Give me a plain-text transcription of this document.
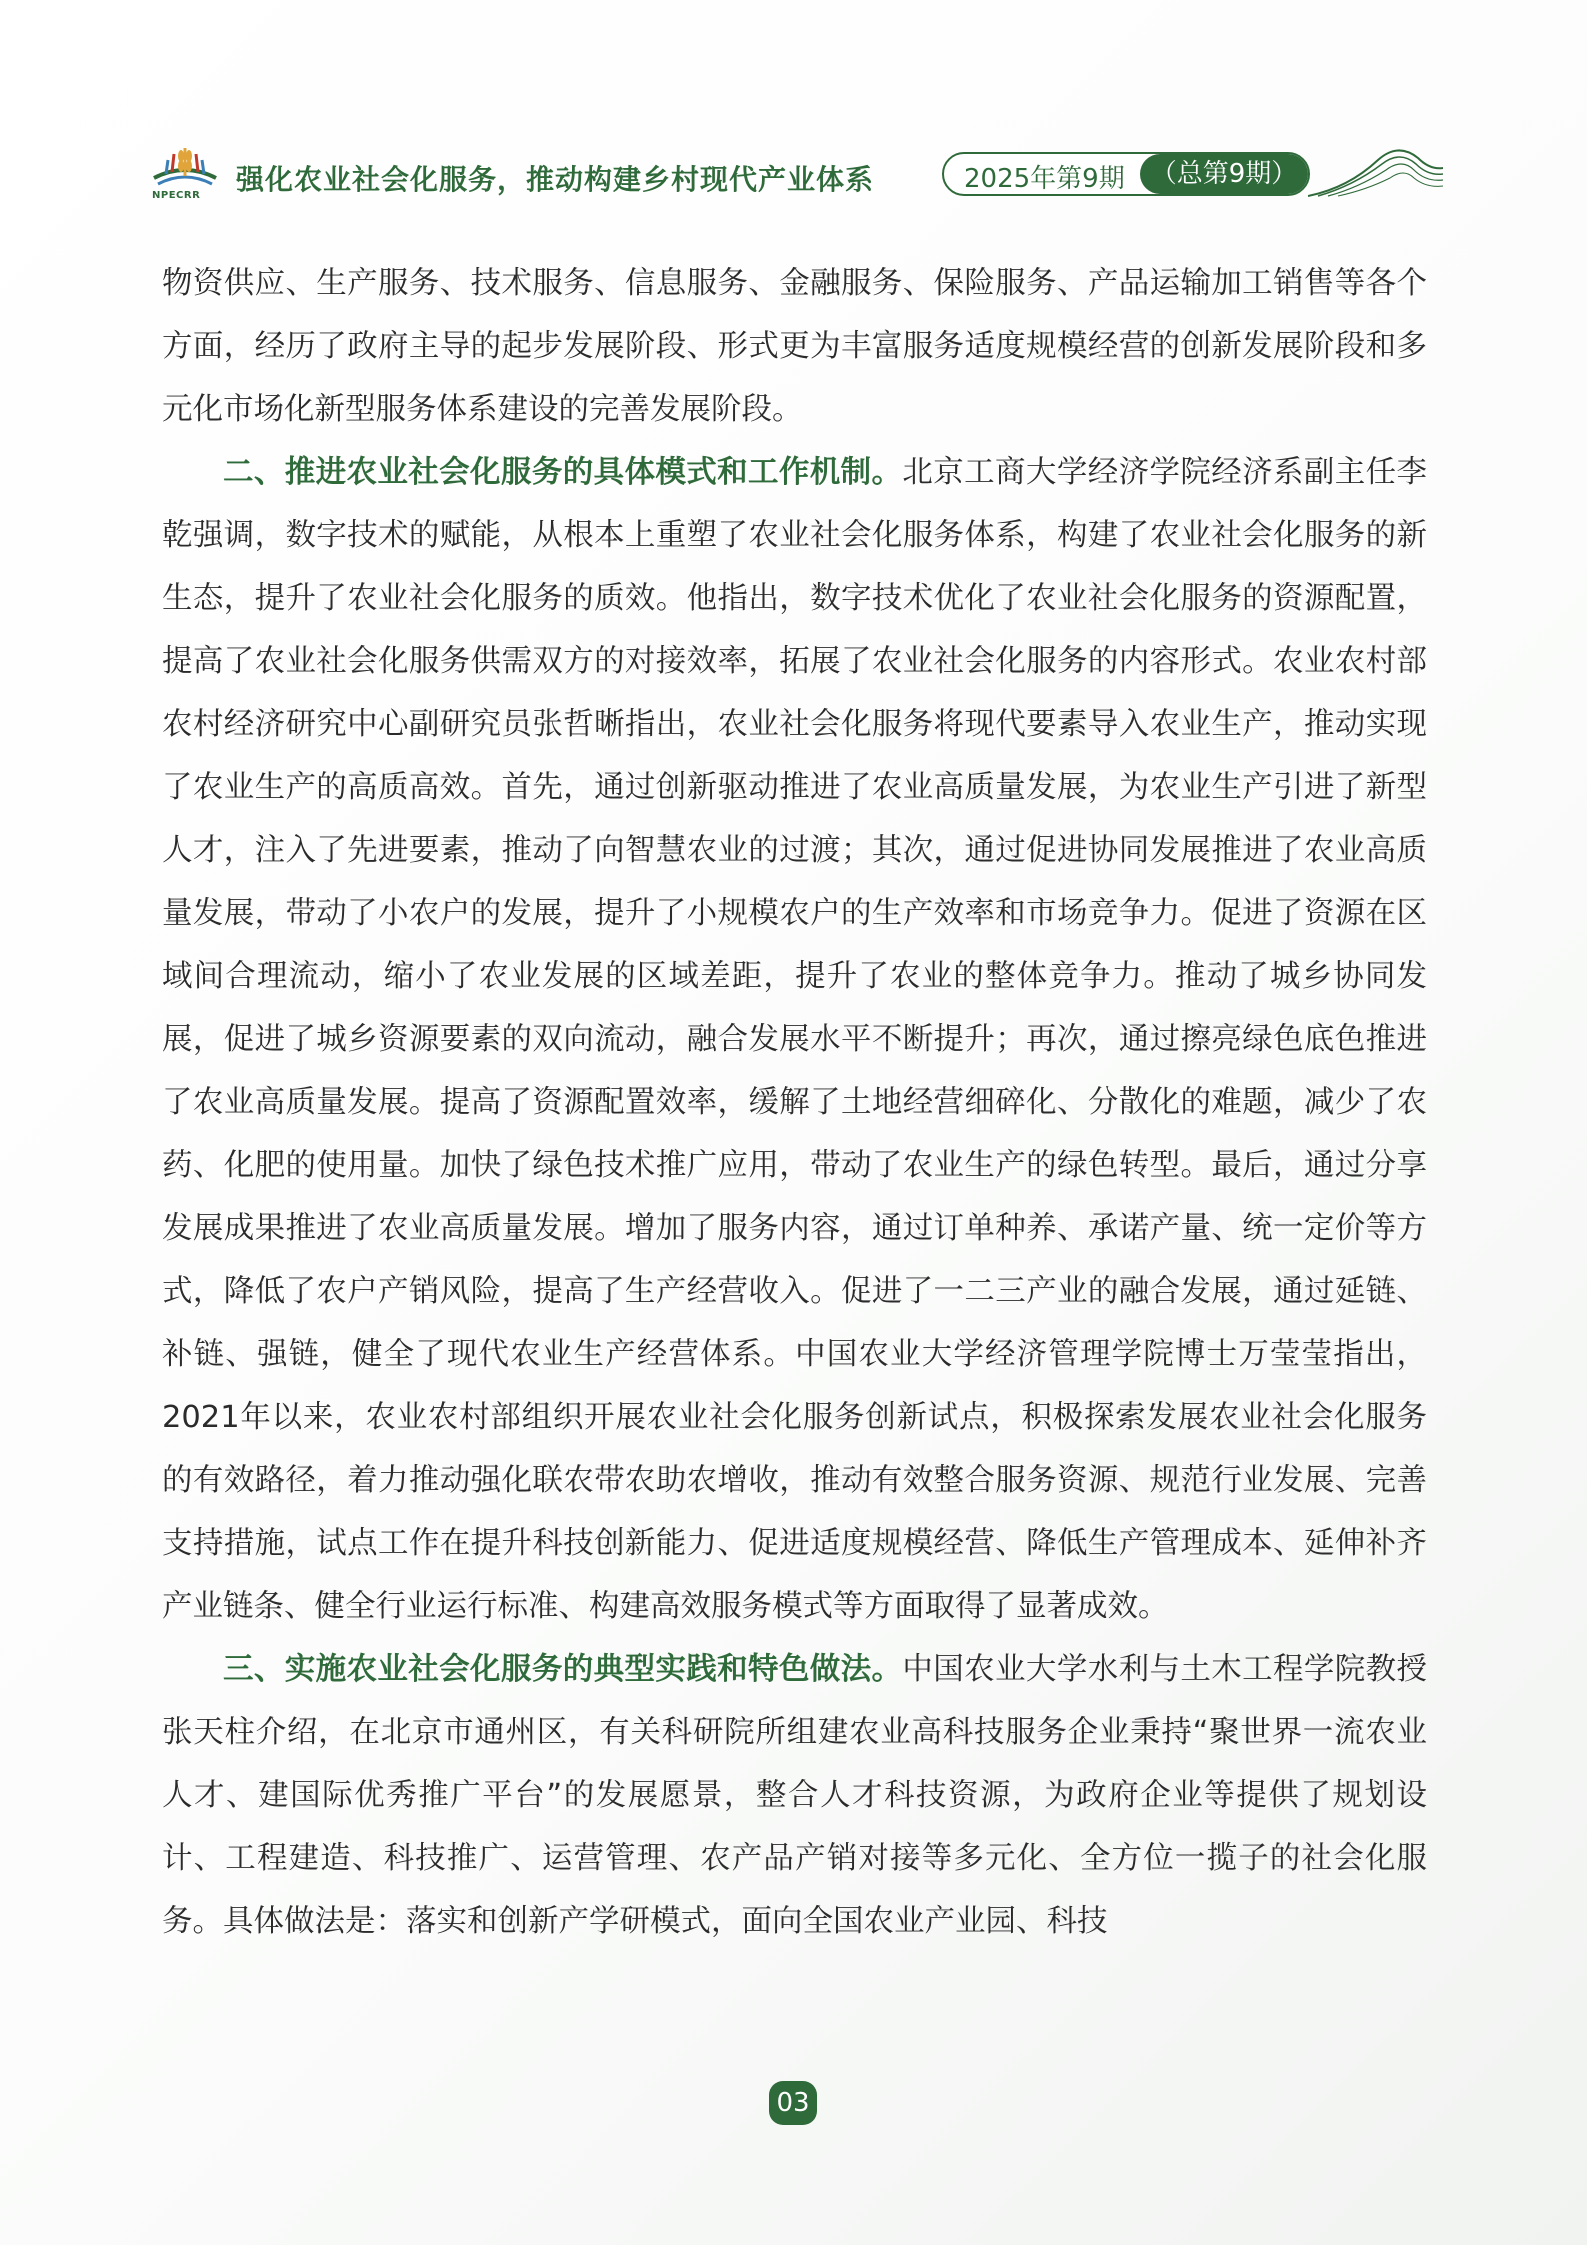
NPECRR 强化农业社会化服务，推动构建乡村现代产业体系	2025年第9期	（总第9期）

物资供应、生产服务、技术服务、信息服务、金融服务、保险服务、产品运输加工销售等各个方面，经历了政府主导的起步发展阶段、形式更为丰富服务适度规模经营的创新发展阶段和多元化市场化新型服务体系建设的完善发展阶段。

二、推进农业社会化服务的具体模式和工作机制。北京工商大学经济学院经济系副主任李乾强调，数字技术的赋能，从根本上重塑了农业社会化服务体系，构建了农业社会化服务的新生态，提升了农业社会化服务的质效。他指出，数字技术优化了农业社会化服务的资源配置，提高了农业社会化服务供需双方的对接效率，拓展了农业社会化服务的内容形式。农业农村部农村经济研究中心副研究员张哲晰指出，农业社会化服务将现代要素导入农业生产，推动实现了农业生产的高质高效。首先，通过创新驱动推进了农业高质量发展，为农业生产引进了新型人才，注入了先进要素，推动了向智慧农业的过渡；其次，通过促进协同发展推进了农业高质量发展，带动了小农户的发展，提升了小规模农户的生产效率和市场竞争力。促进了资源在区域间合理流动，缩小了农业发展的区域差距，提升了农业的整体竞争力。推动了城乡协同发展，促进了城乡资源要素的双向流动，融合发展水平不断提升；再次，通过擦亮绿色底色推进了农业高质量发展。提高了资源配置效率，缓解了土地经营细碎化、分散化的难题，减少了农药、化肥的使用量。加快了绿色技术推广应用，带动了农业生产的绿色转型。最后，通过分享发展成果推进了农业高质量发展。增加了服务内容，通过订单种养、承诺产量、统一定价等方式，降低了农户产销风险，提高了生产经营收入。促进了一二三产业的融合发展，通过延链、补链、强链，健全了现代农业生产经营体系。中国农业大学经济管理学院博士万莹莹指出，2021年以来，农业农村部组织开展农业社会化服务创新试点，积极探索发展农业社会化服务的有效路径，着力推动强化联农带农助农增收，推动有效整合服务资源、规范行业发展、完善支持措施，试点工作在提升科技创新能力、促进适度规模经营、降低生产管理成本、延伸补齐产业链条、健全行业运行标准、构建高效服务模式等方面取得了显著成效。

三、实施农业社会化服务的典型实践和特色做法。中国农业大学水利与土木工程学院教授张天柱介绍，在北京市通州区，有关科研院所组建农业高科技服务企业秉持“聚世界一流农业人才、建国际优秀推广平台”的发展愿景，整合人才科技资源，为政府企业等提供了规划设计、工程建造、科技推广、运营管理、农产品产销对接等多元化、全方位一揽子的社会化服务。具体做法是：落实和创新产学研模式，面向全国农业产业园、科技

03
